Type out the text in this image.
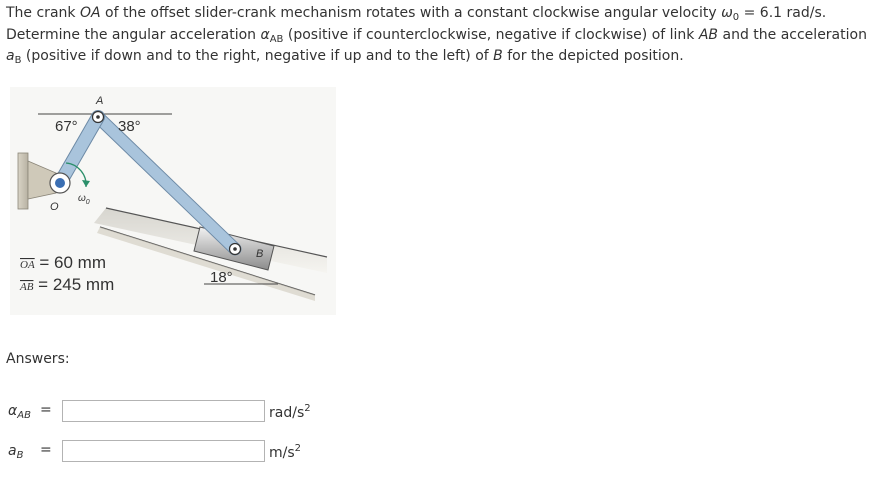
The crank OA of the offset slider-crank mechanism rotates with a constant clockwise angular velocity $\omega_0 = 6.1$ rad/s. Determine the angular acceleration $\alpha_{AB}$ (positive if counterclockwise, negative if clockwise) of link AB and the acceleration $a_B$ (positive if down and to the right, negative if up and to the left) of B for the depicted position.
A
B
O
$\omega_0$
67°	38°
18°
OA = 60 mm
AB = 245 mm
Answers:
$\alpha_{AB}$ =	rad/$s^2$
$a_B$ =	$m/s^2$
